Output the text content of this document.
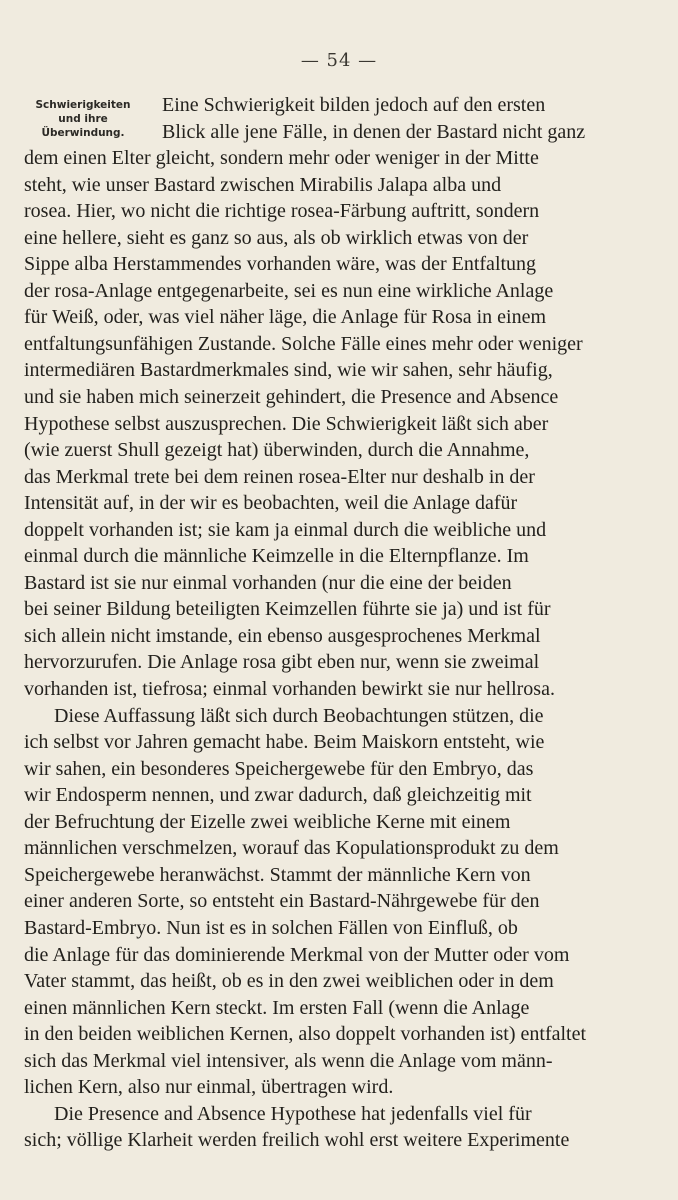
— 54 —
Schwierigkeiten
und ihre
Überwindung.
Eine Schwierigkeit bilden jedoch auf den ersten
Blick alle jene Fälle, in denen der Bastard nicht ganz
dem einen Elter gleicht, sondern mehr oder weniger in der Mitte
steht, wie unser Bastard zwischen Mirabilis Jalapa alba und
rosea. Hier, wo nicht die richtige rosea-Färbung auftritt, sondern
eine hellere, sieht es ganz so aus, als ob wirklich etwas von der
Sippe alba Herstammendes vorhanden wäre, was der Entfaltung
der rosa-Anlage entgegenarbeite, sei es nun eine wirkliche Anlage
für Weiß, oder, was viel näher läge, die Anlage für Rosa in einem
entfaltungsunfähigen Zustande. Solche Fälle eines mehr oder weniger
intermediären Bastardmerkmales sind, wie wir sahen, sehr häufig,
und sie haben mich seinerzeit gehindert, die Presence and Absence
Hypothese selbst auszusprechen. Die Schwierigkeit läßt sich aber
(wie zuerst Shull gezeigt hat) überwinden, durch die Annahme,
das Merkmal trete bei dem reinen rosea-Elter nur deshalb in der
Intensität auf, in der wir es beobachten, weil die Anlage dafür
doppelt vorhanden ist; sie kam ja einmal durch die weibliche und
einmal durch die männliche Keimzelle in die Elternpflanze. Im
Bastard ist sie nur einmal vorhanden (nur die eine der beiden
bei seiner Bildung beteiligten Keimzellen führte sie ja) und ist für
sich allein nicht imstande, ein ebenso ausgesprochenes Merkmal
hervorzurufen. Die Anlage rosa gibt eben nur, wenn sie zweimal
vorhanden ist, tiefrosa; einmal vorhanden bewirkt sie nur hellrosa.
Diese Auffassung läßt sich durch Beobachtungen stützen, die
ich selbst vor Jahren gemacht habe. Beim Maiskorn entsteht, wie
wir sahen, ein besonderes Speichergewebe für den Embryo, das
wir Endosperm nennen, und zwar dadurch, daß gleichzeitig mit
der Befruchtung der Eizelle zwei weibliche Kerne mit einem
männlichen verschmelzen, worauf das Kopulationsprodukt zu dem
Speichergewebe heranwächst. Stammt der männliche Kern von
einer anderen Sorte, so entsteht ein Bastard-Nährgewebe für den
Bastard-Embryo. Nun ist es in solchen Fällen von Einfluß, ob
die Anlage für das dominierende Merkmal von der Mutter oder vom
Vater stammt, das heißt, ob es in den zwei weiblichen oder in dem
einen männlichen Kern steckt. Im ersten Fall (wenn die Anlage
in den beiden weiblichen Kernen, also doppelt vorhanden ist) entfaltet
sich das Merkmal viel intensiver, als wenn die Anlage vom männ-
lichen Kern, also nur einmal, übertragen wird.
Die Presence and Absence Hypothese hat jedenfalls viel für
sich; völlige Klarheit werden freilich wohl erst weitere Experimente
